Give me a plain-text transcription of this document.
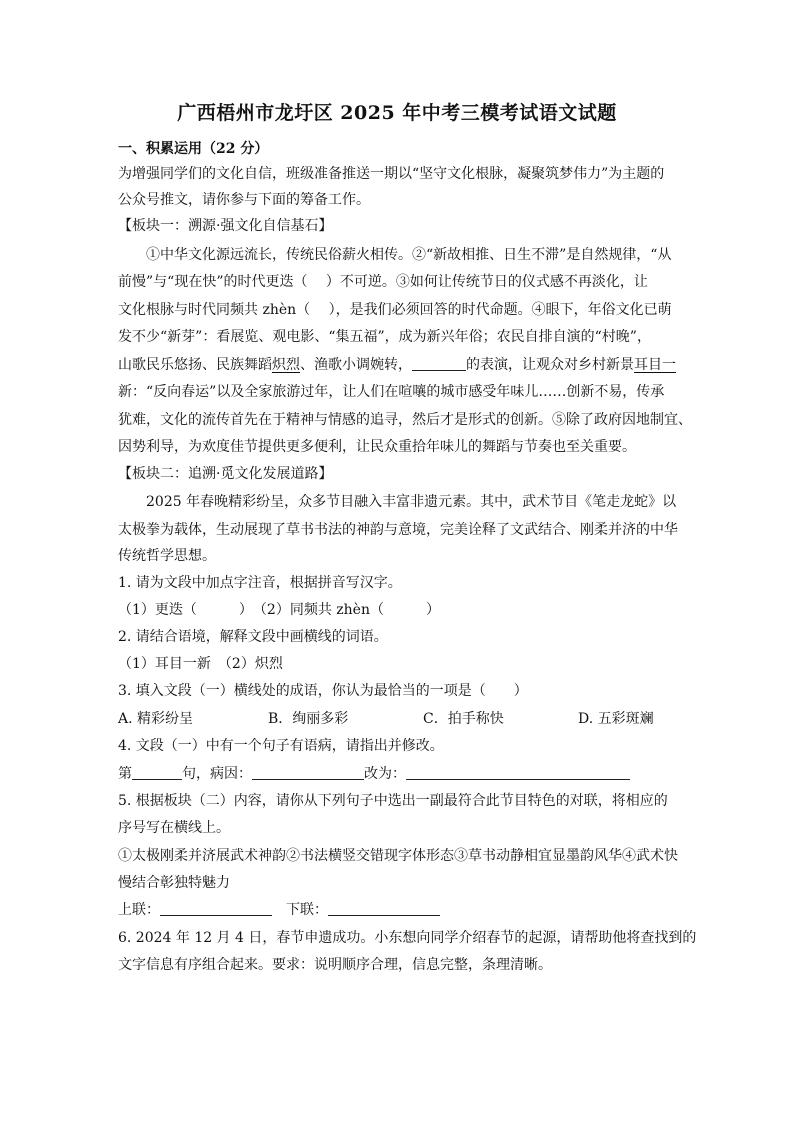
广西梧州市龙圩区 2025 年中考三模考试语文试题
一、积累运用（22 分）
为增强同学们的文化自信，班级准备推送一期以“坚守文化根脉，凝聚筑梦伟力”为主题的
公众号推文，请你参与下面的筹备工作。
【板块一：溯源·强文化自信基石】
①中华文化源远流长，传统民俗薪火相传。②“新故相推、日生不滞”是自然规律，“从
前慢”与“现在快”的时代更迭（　 ）不可逆。③如何让传统节日的仪式感不再淡化，让
文化根脉与时代同频共 zhèn（　 ），是我们必须回答的时代命题。④眼下，年俗文化已萌
发不少“新芽”：看展览、观电影、“集五福”，成为新兴年俗；农民自排自演的“村晚”，
山歌民乐悠扬、民族舞蹈炽烈、渔歌小调婉转，	的表演，让观众对乡村新景耳目一
新：“反向春运”以及全家旅游过年，让人们在喧嚷的城市感受年味儿……创新不易，传承
犹难，文化的流传首先在于精神与情感的追寻，然后才是形式的创新。⑤除了政府因地制宜、
因势利导，为欢度佳节提供更多便利，让民众重拾年味儿的舞蹈与节奏也至关重要。
【板块二：追溯·觅文化发展道路】
2025 年春晚精彩纷呈，众多节目融入丰富非遗元素。其中，武术节目《笔走龙蛇》以
太极拳为载体，生动展现了草书书法的神韵与意境，完美诠释了文武结合、刚柔并济的中华
传统哲学思想。
1. 请为文段中加点字注音，根据拼音写汉字。
（1）更迭（　　　）　（2）同频共 zhèn（　　　）
2. 请结合语境，解释文段中画横线的词语。
（1）耳目一新　（2）炽烈
3. 填入文段（一）横线处的成语，你认为最恰当的一项是（　　）
A. 精彩纷呈	B．绚丽多彩	C．拍手称快	D. 五彩斑斓
4. 文段（一）中有一个句子有语病，请指出并修改。
第	句，病因：	改为：
5. 根据板块（二）内容，请你从下列句子中选出一副最符合此节目特色的对联，将相应的
序号写在横线上。
①太极刚柔并济展武术神韵②书法横竖交错现字体形态③草书动静相宜显墨韵风华④武术快
慢结合彰独特魅力
上联：	下联：
6. 2024 年 12 月 4 日，春节申遗成功。小东想向同学介绍春节的起源，请帮助他将查找到的
文字信息有序组合起来。要求：说明顺序合理，信息完整，条理清晰。
